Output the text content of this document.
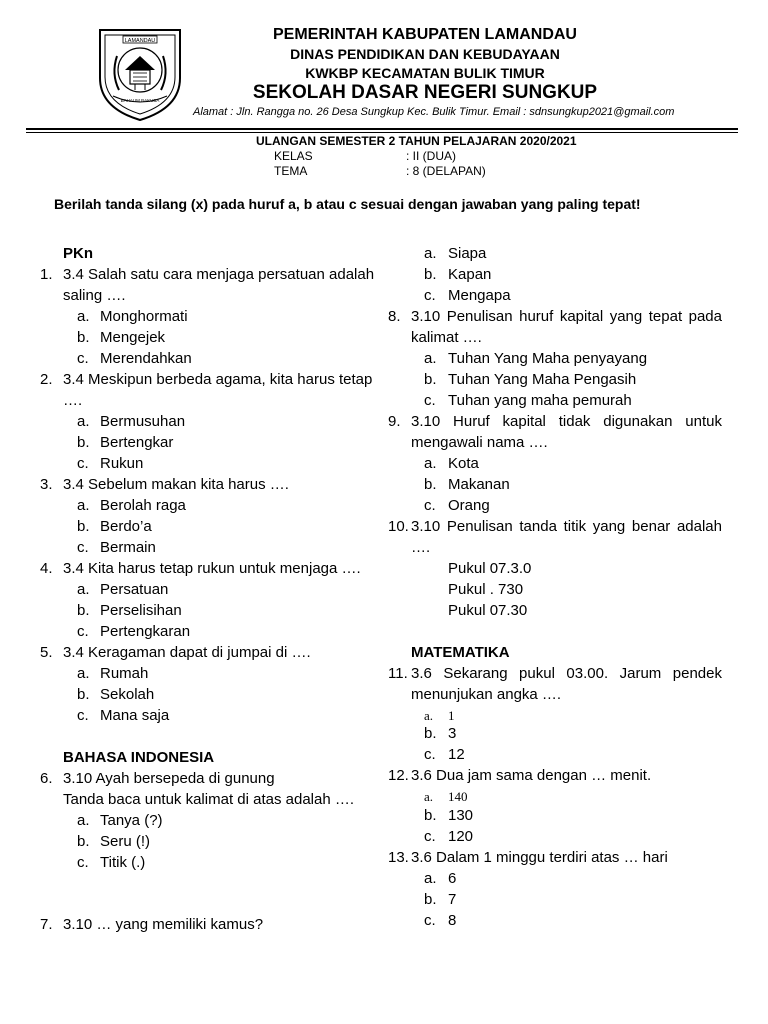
LAMANDAU
BAHAUM BAKUBA
PEMERINTAH KABUPATEN LAMANDAU
DINAS PENDIDIKAN DAN KEBUDAYAAN
KWKBP KECAMATAN BULIK TIMUR
SEKOLAH DASAR NEGERI SUNGKUP
Alamat : Jln. Rangga no. 26 Desa Sungkup Kec. Bulik Timur. Email : sdnsungkup2021@gmail.com
ULANGAN SEMESTER 2 TAHUN PELAJARAN 2020/2021
KELAS	: II (DUA)
TEMA	: 8 (DELAPAN)
Berilah tanda silang (x) pada huruf a, b atau c sesuai dengan jawaban yang paling tepat!
PKn
1. 3.4 Salah satu cara menjaga persatuan adalah saling ….
a. Monghormati
b. Mengejek
c. Merendahkan
2. 3.4 Meskipun berbeda agama, kita harus tetap ….
a. Bermusuhan
b. Bertengkar
c. Rukun
3. 3.4 Sebelum makan kita harus ….
a. Berolah raga
b. Berdo’a
c. Bermain
4. 3.4 Kita harus tetap rukun untuk menjaga ….
a. Persatuan
b. Perselisihan
c. Pertengkaran
5. 3.4 Keragaman dapat di jumpai di ….
a. Rumah
b. Sekolah
c. Mana saja
BAHASA INDONESIA
6. 3.10 Ayah bersepeda di gunung
Tanda baca untuk kalimat di atas adalah ….
a. Tanya (?)
b. Seru (!)
c. Titik (.)
7. 3.10 … yang memiliki kamus?
a. Siapa
b. Kapan
c. Mengapa
8. 3.10 Penulisan huruf kapital yang tepat pada kalimat ….
a. Tuhan Yang Maha penyayang
b. Tuhan Yang Maha Pengasih
c. Tuhan yang maha pemurah
9. 3.10 Huruf kapital tidak digunakan untuk mengawali nama ….
a. Kota
b. Makanan
c. Orang
10. 3.10 Penulisan tanda titik yang benar adalah ….
Pukul 07.3.0
Pukul . 730
Pukul 07.30
MATEMATIKA
11. 3.6 Sekarang pukul 03.00. Jarum pendek menunjukan angka ….
a. 1
b. 3
c. 12
12. 3.6 Dua jam sama dengan … menit.
a. 140
b. 130
c. 120
13. 3.6 Dalam 1 minggu terdiri atas … hari
a. 6
b. 7
c. 8
